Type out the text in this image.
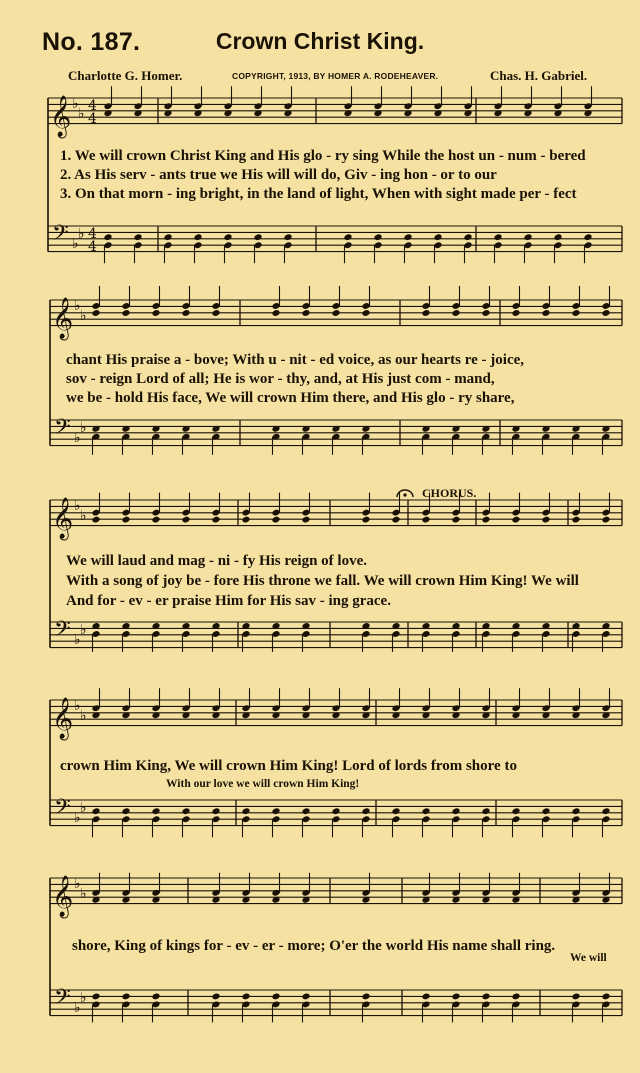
No. 187.	Crown Christ King.
Charlotte G. Homer.	COPYRIGHT, 1913, BY HOMER A. RODEHEAVER.	Chas. H. Gabriel.
𝄞
𝄢
♭
♭
♭
♭
4
4
4
4
𝄞
𝄢
♭
♭
♭
♭
𝄞
𝄢
♭
♭
♭
♭
𝄞
𝄢
♭
♭
♭
♭
𝄞
𝄢
♭
♭
♭
♭
1. We will crown Christ King and His glo - ry sing While the host un - num - bered
2. As His serv - ants true we His will will do, Giv - ing hon - or to our
3. On that morn - ing bright, in the land of light, When with sight made per - fect
chant His praise a - bove; With u - nit - ed voice, as our hearts re - joice,
sov - reign Lord of all; He is wor - thy, and, at His just com - mand,
we be - hold His face, We will crown Him there, and His glo - ry share,
CHORUS.
We will laud and mag - ni - fy His reign of love.
With a song of joy be - fore His throne we fall. We will crown Him King! We will
And for - ev - er praise Him for His sav - ing grace.
crown Him King, We will crown Him King! Lord of lords from shore to
With our love we will crown Him King!
shore, King of kings for - ev - er - more; O'er the world His name shall ring.
We will
